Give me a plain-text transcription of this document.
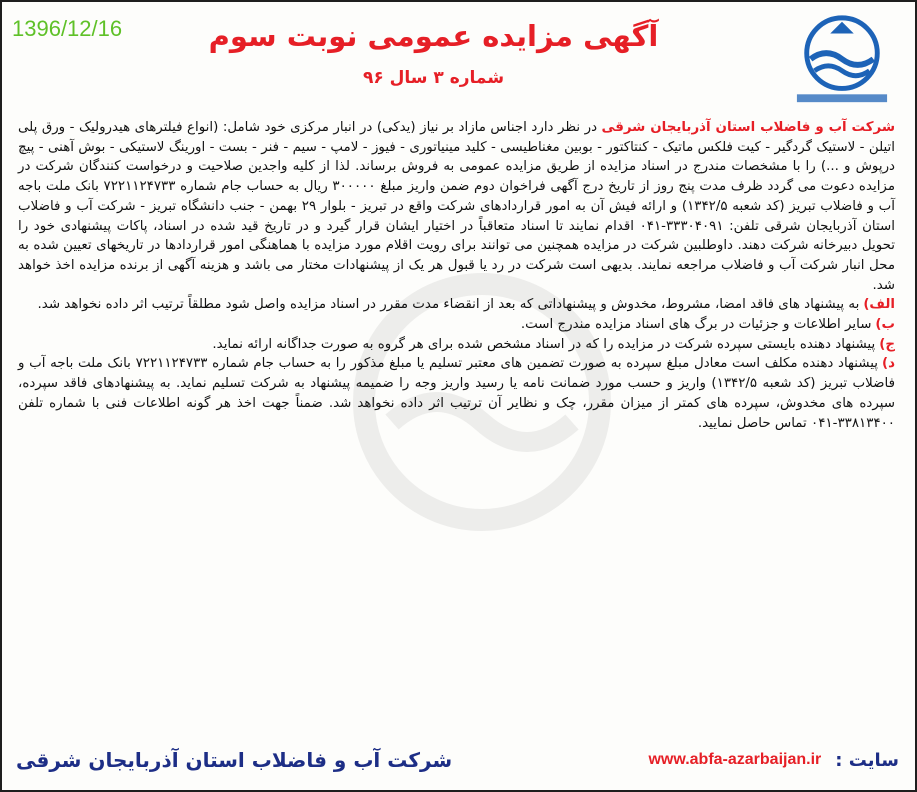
1396/12/16	آگهی مزایده عمومی نوبت سوم
شماره ۳ سال ۹۶

شرکت آب و فاضلاب استان آذربایجان شرقی در نظر دارد اجناس مازاد بر نیاز (یدکی) در انبار مرکزی خود شامل: (انواع فیلترهای هیدرولیک - ورق پلی اتیلن - لاستیک گردگیر - کیت فلکس ماتیک - کنتاکتور - بوبین مغناطیسی - کلید مینیاتوری - فیوز - لامپ - سیم - فنر - بست - اورینگ لاستیکی - بوش آهنی - پیچ درپوش و ...) را با مشخصات مندرج در اسناد مزایده از طریق مزایده عمومی به فروش برساند. لذا از کلیه واجدین صلاحیت و درخواست کنندگان شرکت در مزایده دعوت می گردد ظرف مدت پنج روز از تاریخ درج آگهی فراخوان دوم ضمن واریز مبلغ ۳۰۰۰۰۰ ریال به حساب جام شماره ۷۲۲۱۱۲۴۷۳۳ بانک ملت باجه آب و فاضلاب تبریز (کد شعبه ۱۳۴۲/۵) و ارائه فیش آن به امور قراردادهای شرکت واقع در تبریز - بلوار ۲۹ بهمن - جنب دانشگاه تبریز - شرکت آب و فاضلاب استان آذربایجان شرقی تلفن: ۳۳۳۰۴۰۹۱-۰۴۱ اقدام نمایند تا اسناد متعاقباً در اختیار ایشان قرار گیرد و در تاریخ قید شده در اسناد، پاکات پیشنهادی خود را تحویل دبیرخانه شرکت دهند. داوطلبین شرکت در مزایده همچنین می توانند برای رویت اقلام مورد مزایده با هماهنگی امور قراردادها در تاریخهای تعیین شده به محل انبار شرکت آب و فاضلاب مراجعه نمایند. بدیهی است شرکت در رد یا قبول هر یک از پیشنهادات مختار می باشد و هزینه آگهی از برنده مزایده اخذ خواهد شد.

الف)به پیشنهاد های فاقد امضا، مشروط، مخدوش و پیشنهاداتی که بعد از انقضاء مدت مقرر در اسناد مزایده واصل شود مطلقاً ترتیب اثر داده نخواهد شد.

ب)سایر اطلاعات و جزئیات در برگ های اسناد مزایده مندرج است.

ج)پیشنهاد دهنده بایستی سپرده شرکت در مزایده را که در اسناد مشخص شده برای هر گروه به صورت جداگانه ارائه نماید.

د)پیشنهاد دهنده مکلف است معادل مبلغ سپرده به صورت تضمین های معتبر تسلیم یا مبلغ مذکور را به حساب جام شماره ۷۲۲۱۱۲۴۷۳۳ بانک ملت باجه آب و فاضلاب تبریز (کد شعبه ۱۳۴۲/۵) واریز و حسب مورد ضمانت نامه یا رسید واریز وجه را ضمیمه پیشنهاد به شرکت تسلیم نماید. به پیشنهادهای فاقد سپرده، سپرده های مخدوش، سپرده های کمتر از میزان مقرر، چک و نظایر آن ترتیب اثر داده نخواهد شد. ضمناً جهت اخذ هر گونه اطلاعات فنی با شماره تلفن ۳۳۸۱۳۴۰۰-۰۴۱ تماس حاصل نمایید.

سایت :
www.abfa-azarbaijan.ir
شرکت آب و فاضلاب استان آذربایجان شرقی
